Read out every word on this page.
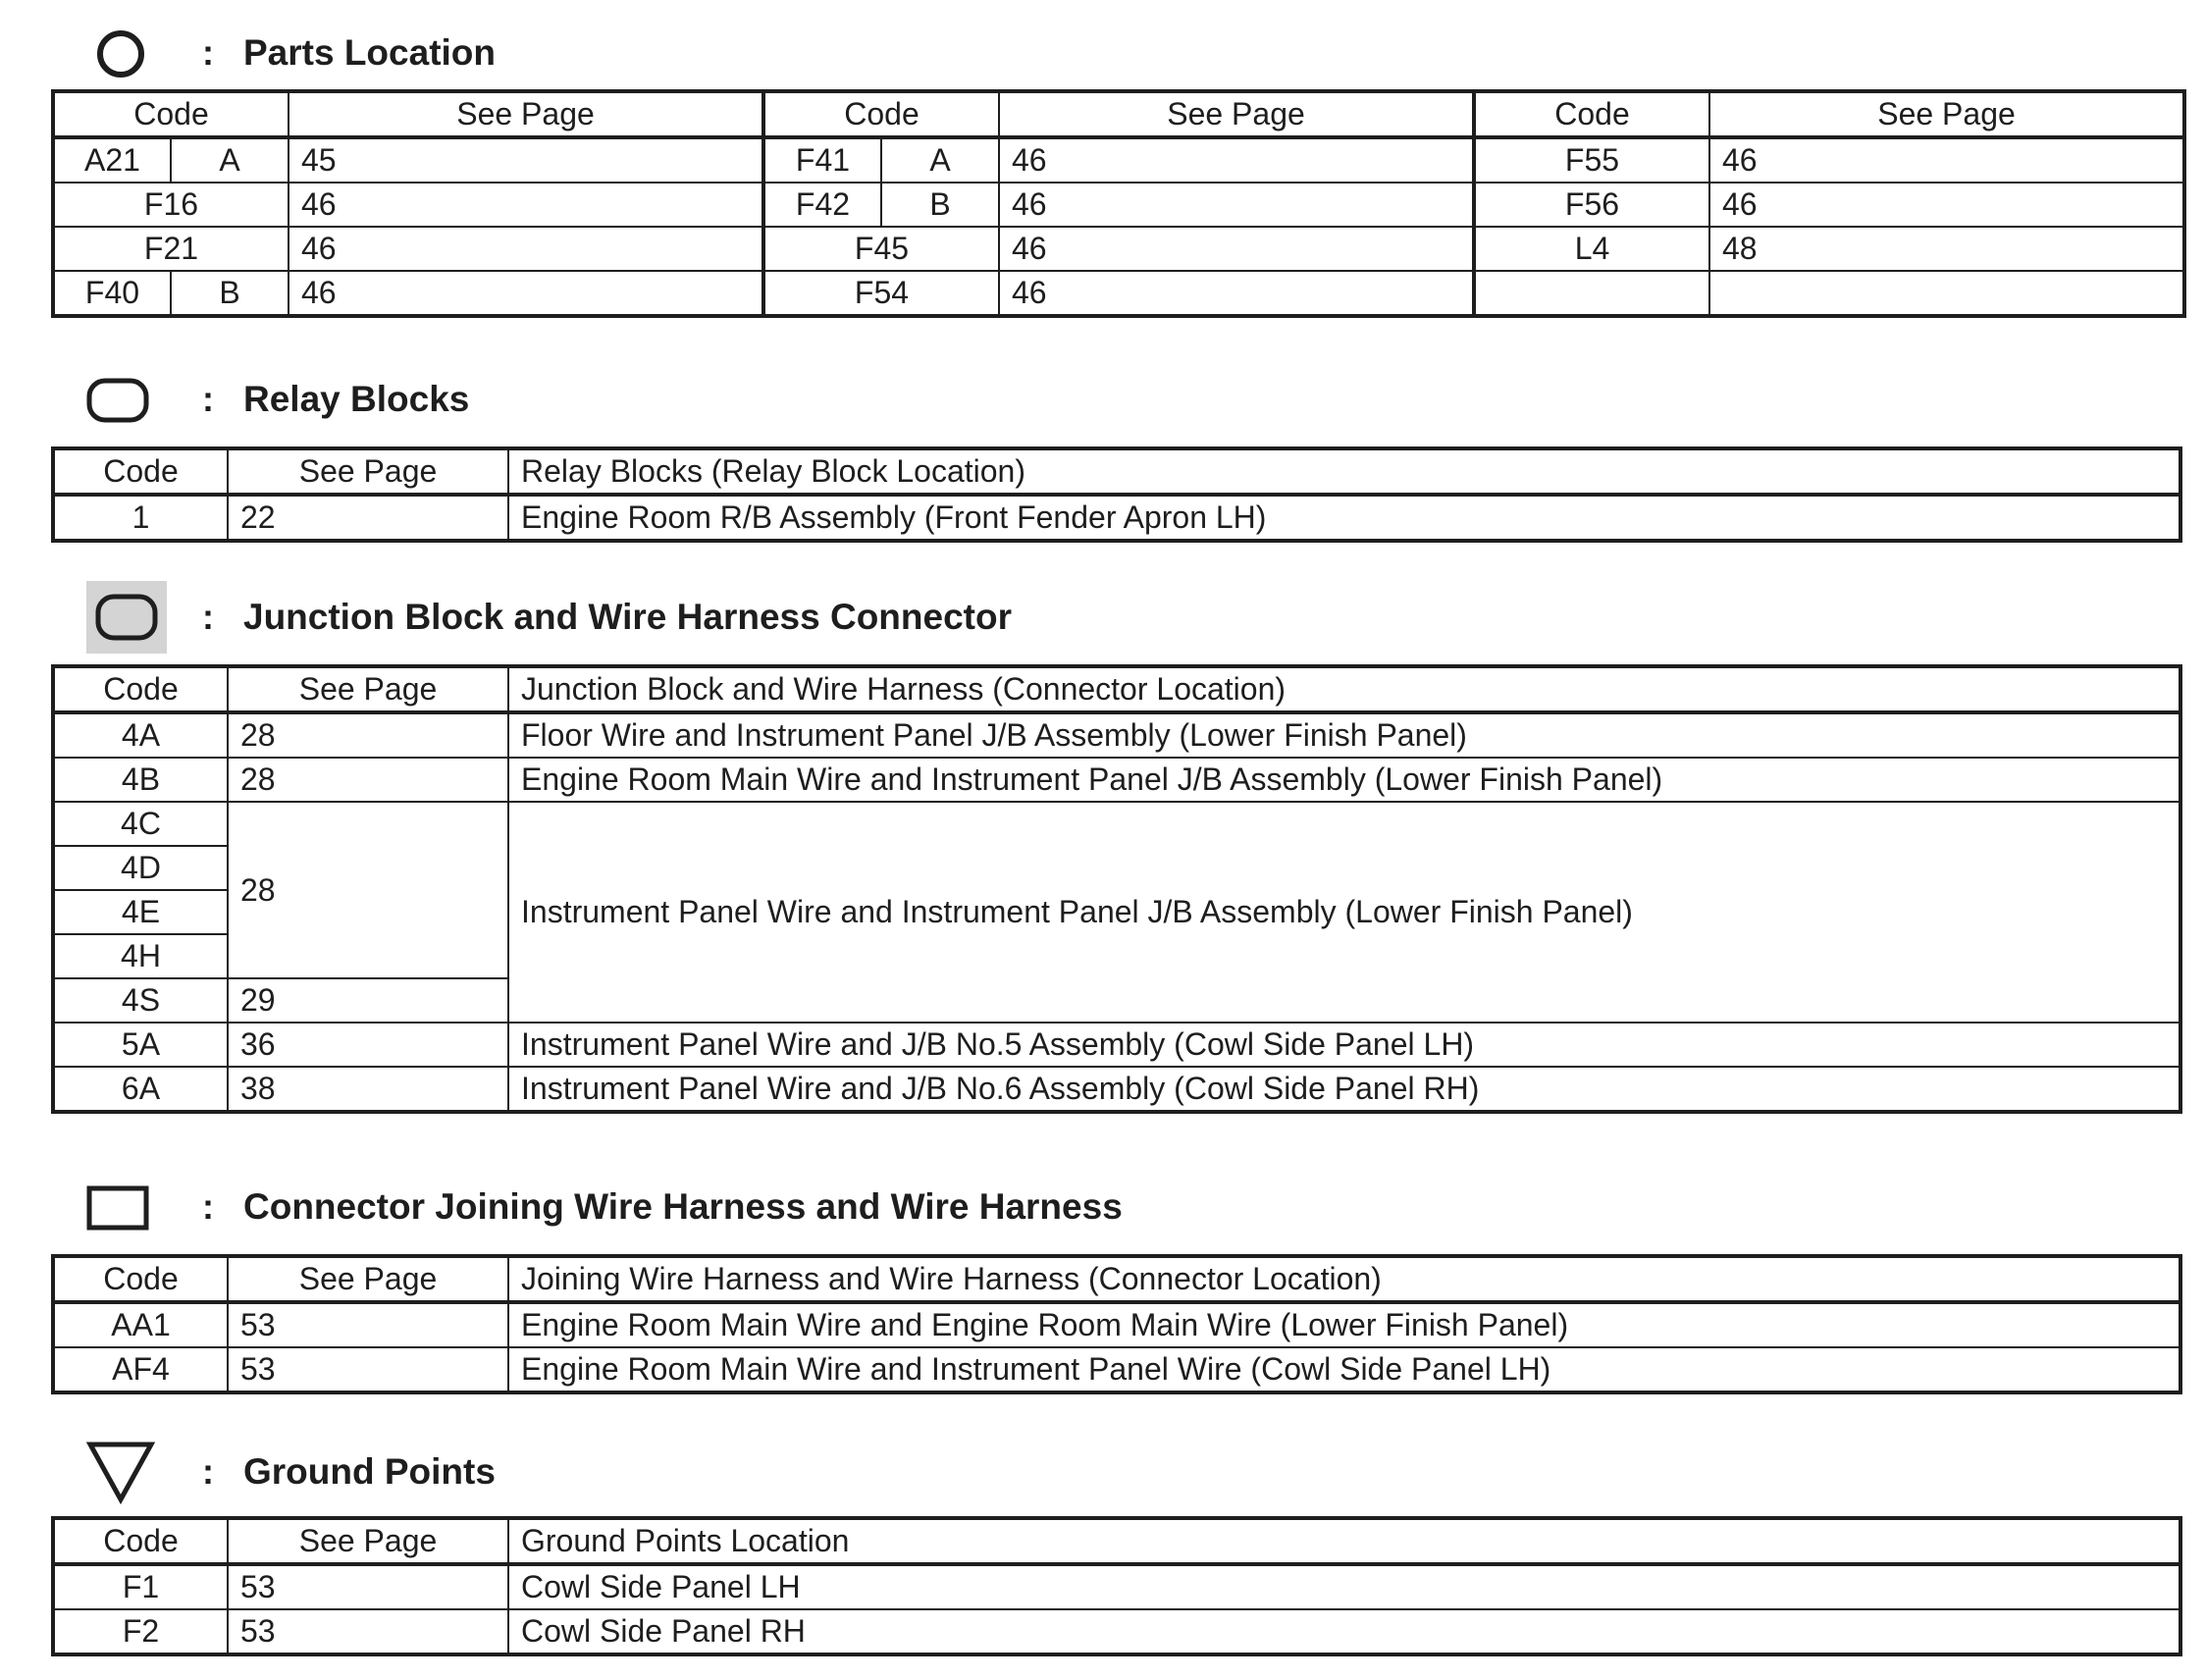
: Parts Location
Code		See Page	Code		See Page	Code	See Page
A21	A	45	F41	A	46	F55	46
F16		46	F42	B	46	F56	46
F21		46	F45		46	L4	48
F40	B	46	F54		46		
: Relay Blocks
Code	See Page	Relay Blocks (Relay Block Location)
1	22	Engine Room R/B Assembly (Front Fender Apron LH)
: Junction Block and Wire Harness Connector
Code	See Page	Junction Block and Wire Harness (Connector Location)
4A	28	Floor Wire and Instrument Panel J/B Assembly (Lower Finish Panel)
4B	28	Engine Room Main Wire and Instrument Panel J/B Assembly (Lower Finish Panel)
4C	28	Instrument Panel Wire and Instrument Panel J/B Assembly (Lower Finish Panel)
4D		
4E		
4H		
4S	29	
5A	36	Instrument Panel Wire and J/B No.5 Assembly (Cowl Side Panel LH)
6A	38	Instrument Panel Wire and J/B No.6 Assembly (Cowl Side Panel RH)
: Connector Joining Wire Harness and Wire Harness
Code	See Page	Joining Wire Harness and Wire Harness (Connector Location)
AA1	53	Engine Room Main Wire and Engine Room Main Wire (Lower Finish Panel)
AF4	53	Engine Room Main Wire and Instrument Panel Wire (Cowl Side Panel LH)
: Ground Points
Code	See Page	Ground Points Location
F1	53	Cowl Side Panel LH
F2	53	Cowl Side Panel RH
